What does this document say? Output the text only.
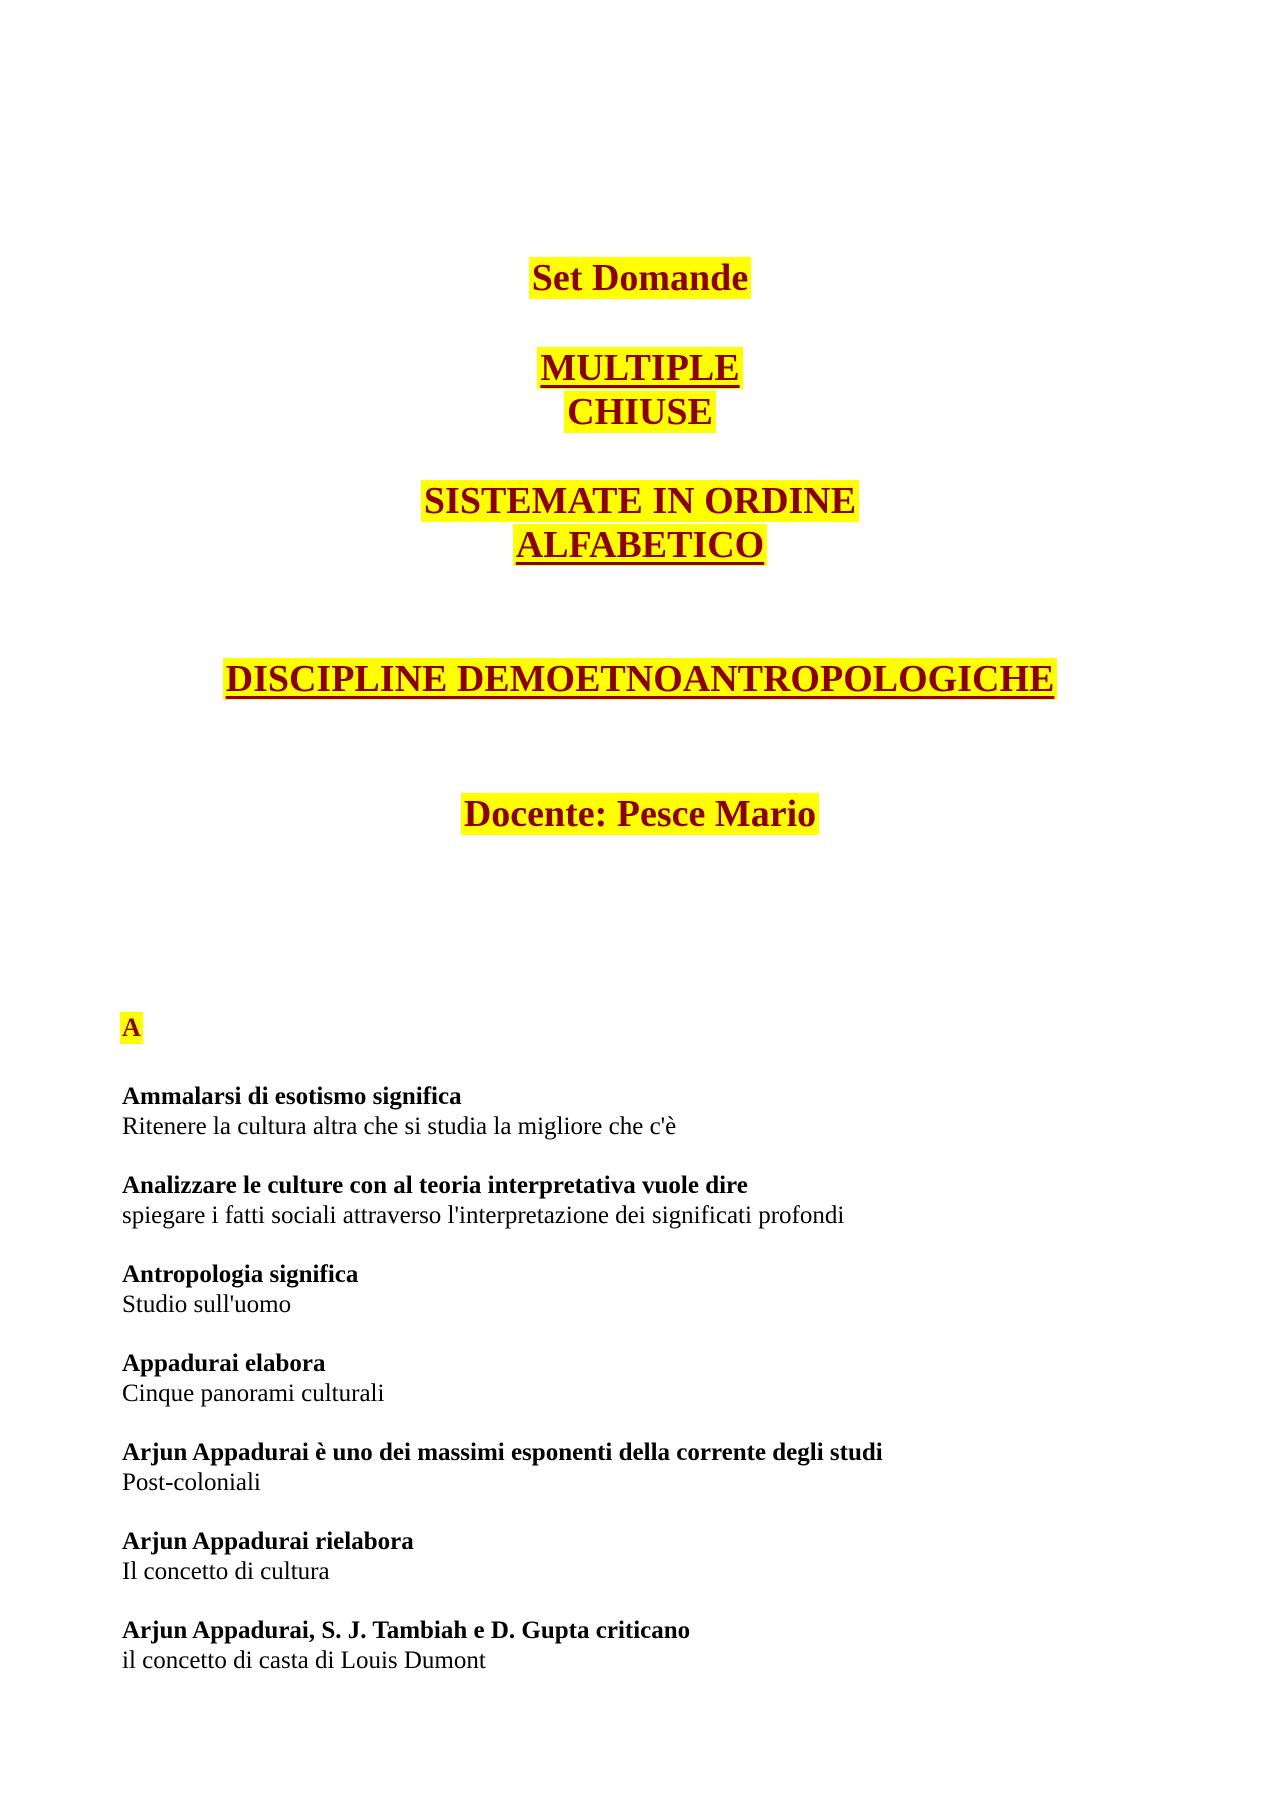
Set Domande
MULTIPLE
CHIUSE
SISTEMATE IN ORDINE
ALFABETICO
DISCIPLINE DEMOETNOANTROPOLOGICHE
Docente: Pesce Mario
A
Ammalarsi di esotismo significa
Ritenere la cultura altra che si studia la migliore che c'è
Analizzare le culture con al teoria interpretativa vuole dire
spiegare i fatti sociali attraverso l'interpretazione dei significati profondi
Antropologia significa
Studio sull'uomo
Appadurai elabora
Cinque panorami culturali
Arjun Appadurai è uno dei massimi esponenti della corrente degli studi
Post-coloniali
Arjun Appadurai rielabora
Il concetto di cultura
Arjun Appadurai, S. J. Tambiah e D. Gupta criticano
il concetto di casta di Louis Dumont
